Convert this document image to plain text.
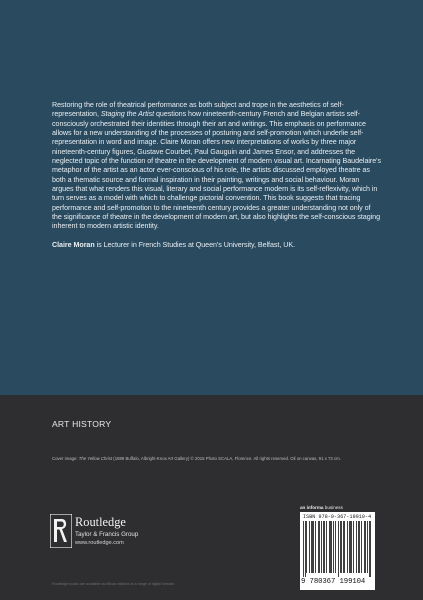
Restoring the role of theatrical performance as both subject and trope in the aesthetics of self-representation, Staging the Artist questions how nineteenth-century French and Belgian artists self-consciously orchestrated their identities through their art and writings. This emphasis on performance allows for a new understanding of the processes of posturing and self-promotion which underlie self-representation in word and image. Claire Moran offers new interpretations of works by three major nineteenth-century figures, Gustave Courbet, Paul Gauguin and James Ensor, and addresses the neglected topic of the function of theatre in the development of modern visual art. Incarnating Baudelaire's metaphor of the artist as an actor ever-conscious of his role, the artists discussed employed theatre as both a thematic source and formal inspiration in their painting, writings and social behaviour. Moran argues that what renders this visual, literary and social performance modern is its self-reflexivity, which in turn serves as a model with which to challenge pictorial convention. This book suggests that tracing performance and self-promotion to the nineteenth century provides a greater understanding not only of the significance of theatre in the development of modern art, but also highlights the self-conscious staging inherent to modern artistic identity.

Claire Moran is Lecturer in French Studies at Queen's University, Belfast, UK.

ART HISTORY
Cover image: The Yellow Christ (1889 Buffalo, Albright-Knox Art Gallery) © 2015 Photo SCALA, Florence. All rights reserved. Oil on canvas, 91 x 73 cm.
Routledge
Taylor & Francis Group
www.routledge.com
an informa business
ISBN 978-0-367-19910-4
9 780367 199104
Routledge books are available as eBook editions in a range of digital formats
